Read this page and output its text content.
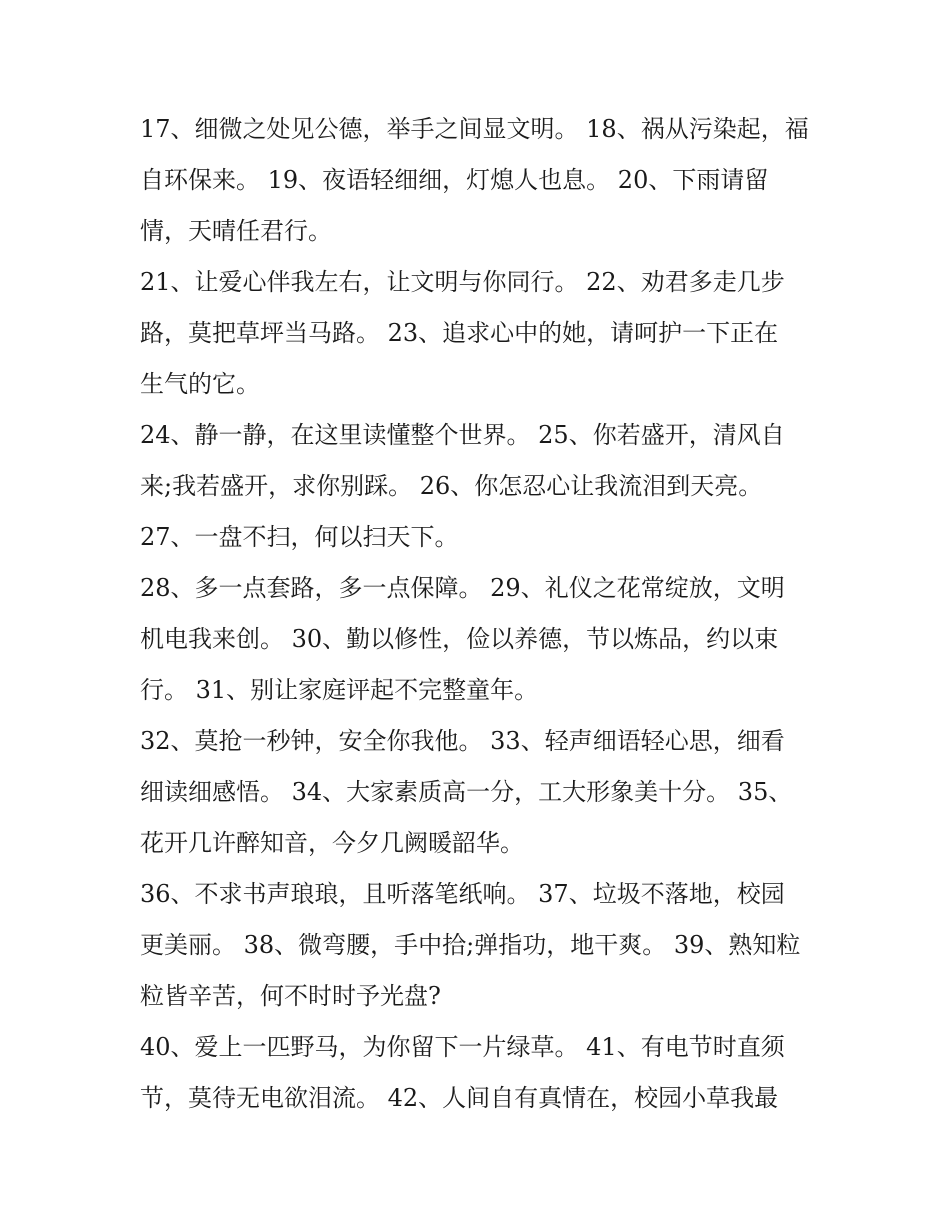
17、细微之处见公德，举手之间显文明。 18、祸从污染起，福
自环保来。 19、夜语轻细细，灯熄人也息。 20、下雨请留
情，天晴任君行。
21、让爱心伴我左右，让文明与你同行。 22、劝君多走几步
路，莫把草坪当马路。 23、追求心中的她，请呵护一下正在
生气的它。
24、静一静，在这里读懂整个世界。 25、你若盛开，清风自
来;我若盛开，求你别踩。 26、你怎忍心让我流泪到天亮。
27、一盘不扫，何以扫天下。
28、多一点套路，多一点保障。 29、礼仪之花常绽放，文明
机电我来创。 30、勤以修性，俭以养德，节以炼品，约以束
行。 31、别让家庭评起不完整童年。
32、莫抢一秒钟，安全你我他。 33、轻声细语轻心思，细看
细读细感悟。 34、大家素质高一分，工大形象美十分。 35、
花开几许醉知音，今夕几阙暖韶华。
36、不求书声琅琅，且听落笔纸响。 37、垃圾不落地，校园
更美丽。 38、微弯腰，手中拾;弹指功，地干爽。 39、熟知粒
粒皆辛苦，何不时时予光盘?
40、爱上一匹野马，为你留下一片绿草。 41、有电节时直须
节，莫待无电欲泪流。 42、人间自有真情在，校园小草我最
